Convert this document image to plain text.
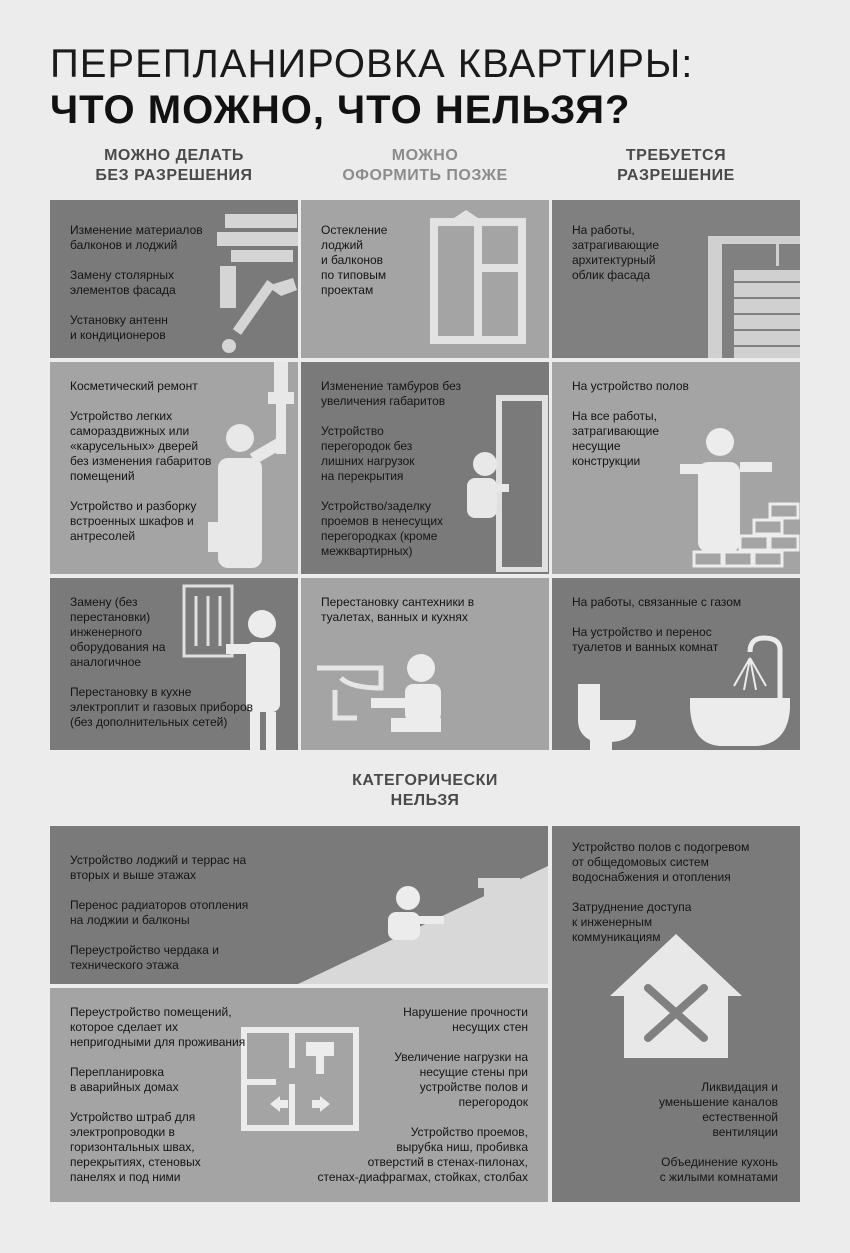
ПЕРЕПЛАНИРОВКА КВАРТИРЫ:
ЧТО МОЖНО, ЧТО НЕЛЬЗЯ?
МОЖНО ДЕЛАТЬ
БЕЗ РАЗРЕШЕНИЯ
МОЖНО
ОФОРМИТЬ ПОЗЖЕ
ТРЕБУЕТСЯ
РАЗРЕШЕНИЕ

Изменение материалов
балконов и лоджий

Замену столярных
элементов фасада

Установку антенн
и кондиционеров

Остекление
лоджий
и балконов
по типовым
проектам

На работы,
затрагивающие
архитектурный
облик фасада

Косметический ремонт

Устройство легких
самораздвижных или
«карусельных» дверей
без изменения габаритов
помещений

Устройство и разборку
встроенных шкафов и
антресолей

Изменение тамбуров без
увеличения габаритов

Устройство
перегородок без
лишних нагрузок
на перекрытия

Устройство/заделку
проемов в ненесущих
перегородках (кроме
межквартирных)

На устройство полов

На все работы,
затрагивающие
несущие
конструкции

Замену (без
перестановки)
инженерного
оборудования на
аналогичное

Перестановку в кухне
электроплит и газовых приборов
(без дополнительных сетей)

Перестановку сантехники в
туалетах, ванных и кухнях

На работы, связанные с газом

На устройство и перенос
туалетов и ванных комнат

КАТЕГОРИЧЕСКИ
НЕЛЬЗЯ

Устройство лоджий и террас на
вторых и выше этажах

Перенос радиаторов отопления
на лоджии и балконы

Переустройство чердака и
технического этажа

Переустройство помещений,
которое сделает их
непригодными для проживания

Перепланировка
в аварийных домах

Устройство штраб для
электропроводки в
горизонтальных швах,
перекрытиях, стеновых
панелях и под ними

Нарушение прочности
несущих стен

Увеличение нагрузки на
несущие стены при
устройстве полов и
перегородок

Устройство проемов,
вырубка ниш, пробивка
отверстий в стенах-пилонах,
стенах-диафрагмах, стойках, столбах

Устройство полов с подогревом
от общедомовых систем
водоснабжения и отопления

Затруднение доступа
к инженерным
коммуникациям

Ликвидация и
уменьшение каналов
естественной
вентиляции

Объединение кухонь
с жилыми комнатами
